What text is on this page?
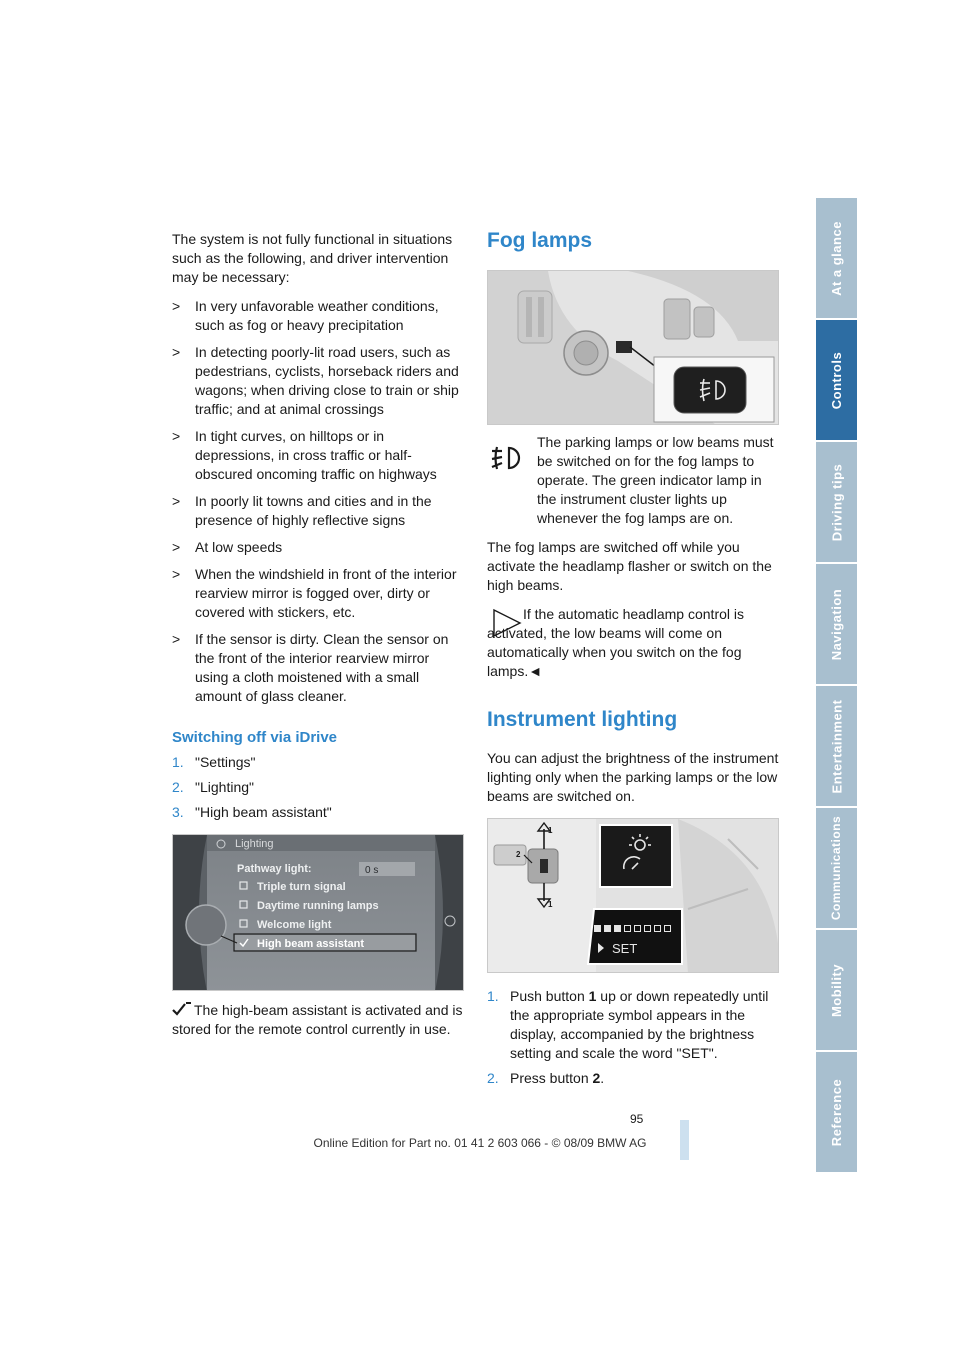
The system is not fully functional in situations such as the following, and driver intervention may be necessary:

> In very unfavorable weather conditions, such as fog or heavy precipitation
> In detecting poorly-lit road users, such as pedestrians, cyclists, horseback riders and wagons; when driving close to train or ship traffic; and at animal crossings
> In tight curves, on hilltops or in depressions, in cross traffic or half-obscured oncoming traffic on highways
> In poorly lit towns and cities and in the presence of highly reflective signs
> At low speeds
> When the windshield in front of the interior rearview mirror is fogged over, dirty or covered with stickers, etc.
> If the sensor is dirty. Clean the sensor on the front of the interior rearview mirror using a cloth moistened with a small amount of glass cleaner.
Switching off via iDrive
1. "Settings"
2. "Lighting"
3. "High beam assistant"
Lighting
Pathway light:	0 s
Triple turn signal
Daytime running lamps
Welcome light
High beam assistant

The high-beam assistant is activated and is stored for the remote control currently in use.

Fog lamps

The parking lamps or low beams must be switched on for the fog lamps to operate. The green indicator lamp in the instrument cluster lights up whenever the fog lamps are on.

The fog lamps are switched off while you activate the headlamp flasher or switch on the high beams.

If the automatic headlamp control is activated, the low beams will come on automatically when you switch on the fog lamps.◄

Instrument lighting

You can adjust the brightness of the instrument lighting only when the parking lamps or the low beams are switched on.

1
1
2
SET
1. Push button 1 up or down repeatedly until the appropriate symbol appears in the display, accompanied by the brightness setting and scale the word "SET".
2. Press button 2.
At a glance
Controls
Driving tips
Navigation
Entertainment
Communications
Mobility
Reference
95
Online Edition for Part no. 01 41 2 603 066 - © 08/09 BMW AG
